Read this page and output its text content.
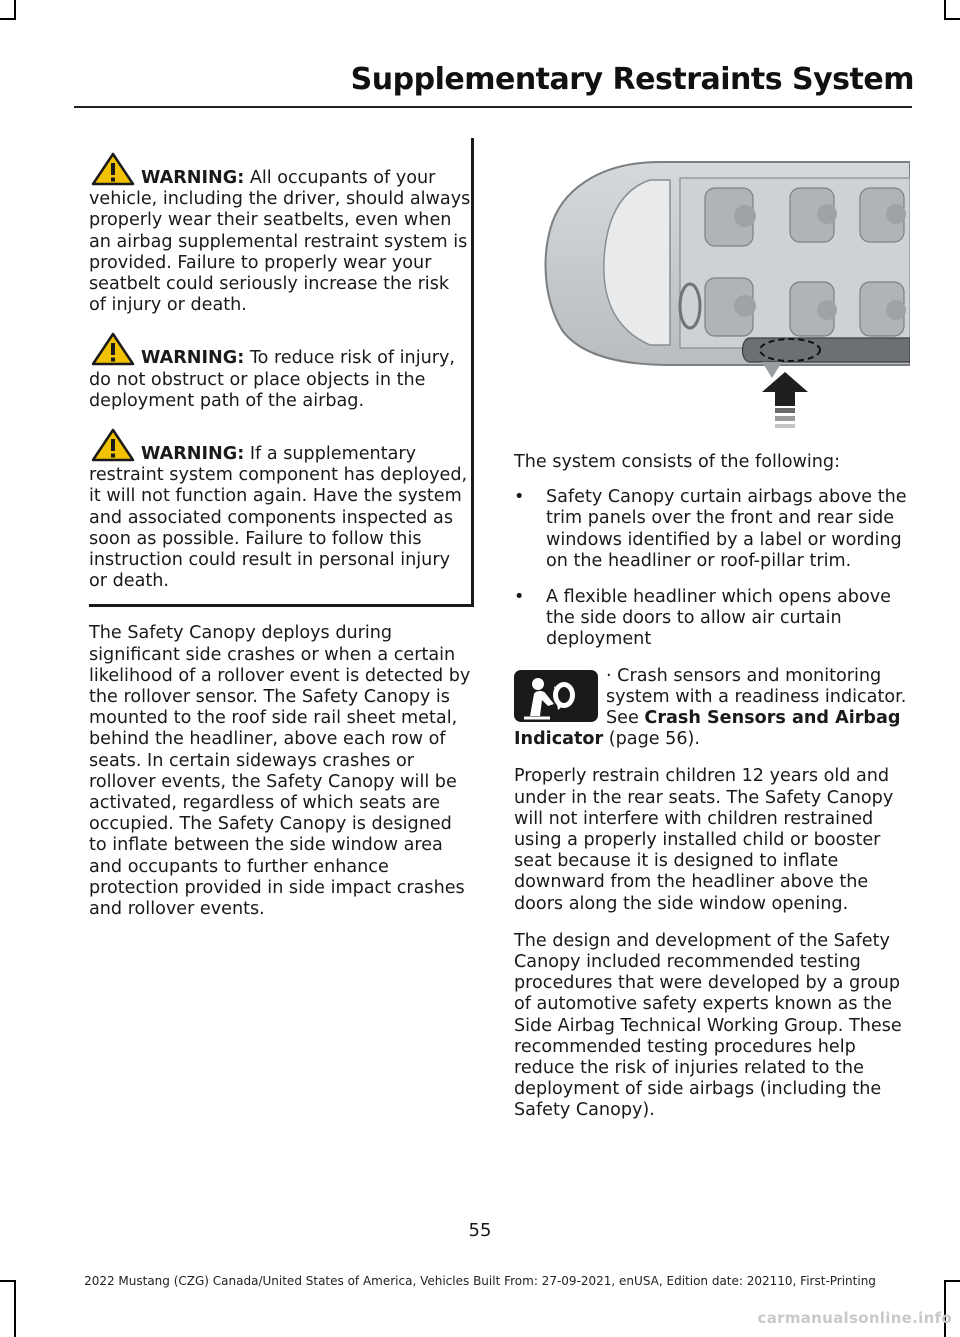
Supplementary Restraints System

WARNING: All occupants of your vehicle, including the driver, should always properly wear their seatbelts, even when an airbag supplemental restraint system is provided. Failure to properly wear your seatbelt could seriously increase the risk of injury or death.

WARNING: To reduce risk of injury, do not obstruct or place objects in the deployment path of the airbag.

WARNING: If a supplementary restraint system component has deployed, it will not function again. Have the system and associated components inspected as soon as possible. Failure to follow this instruction could result in personal injury or death.

The Safety Canopy deploys during significant side crashes or when a certain likelihood of a rollover event is detected by the rollover sensor. The Safety Canopy is mounted to the roof side rail sheet metal, behind the headliner, above each row of seats. In certain sideways crashes or rollover events, the Safety Canopy will be activated, regardless of which seats are occupied. The Safety Canopy is designed to inflate between the side window area and occupants to further enhance protection provided in side impact crashes and rollover events.

The system consists of the following:

• Safety Canopy curtain airbags above the trim panels over the front and rear side windows identified by a label or wording on the headliner or roof-pillar trim.
• A flexible headliner which opens above the side doors to allow air curtain deployment
· Crash sensors and monitoring system with a readiness indicator. See Crash Sensors and Airbag Indicator (page 56).

Properly restrain children 12 years old and under in the rear seats. The Safety Canopy will not interfere with children restrained using a properly installed child or booster seat because it is designed to inflate downward from the headliner above the doors along the side window opening.

The design and development of the Safety Canopy included recommended testing procedures that were developed by a group of automotive safety experts known as the Side Airbag Technical Working Group. These recommended testing procedures help reduce the risk of injuries related to the deployment of side airbags (including the Safety Canopy).

55
2022 Mustang (CZG) Canada/United States of America, Vehicles Built From: 27-09-2021, enUSA, Edition date: 202110, First-Printing
carmanualsonline.info
